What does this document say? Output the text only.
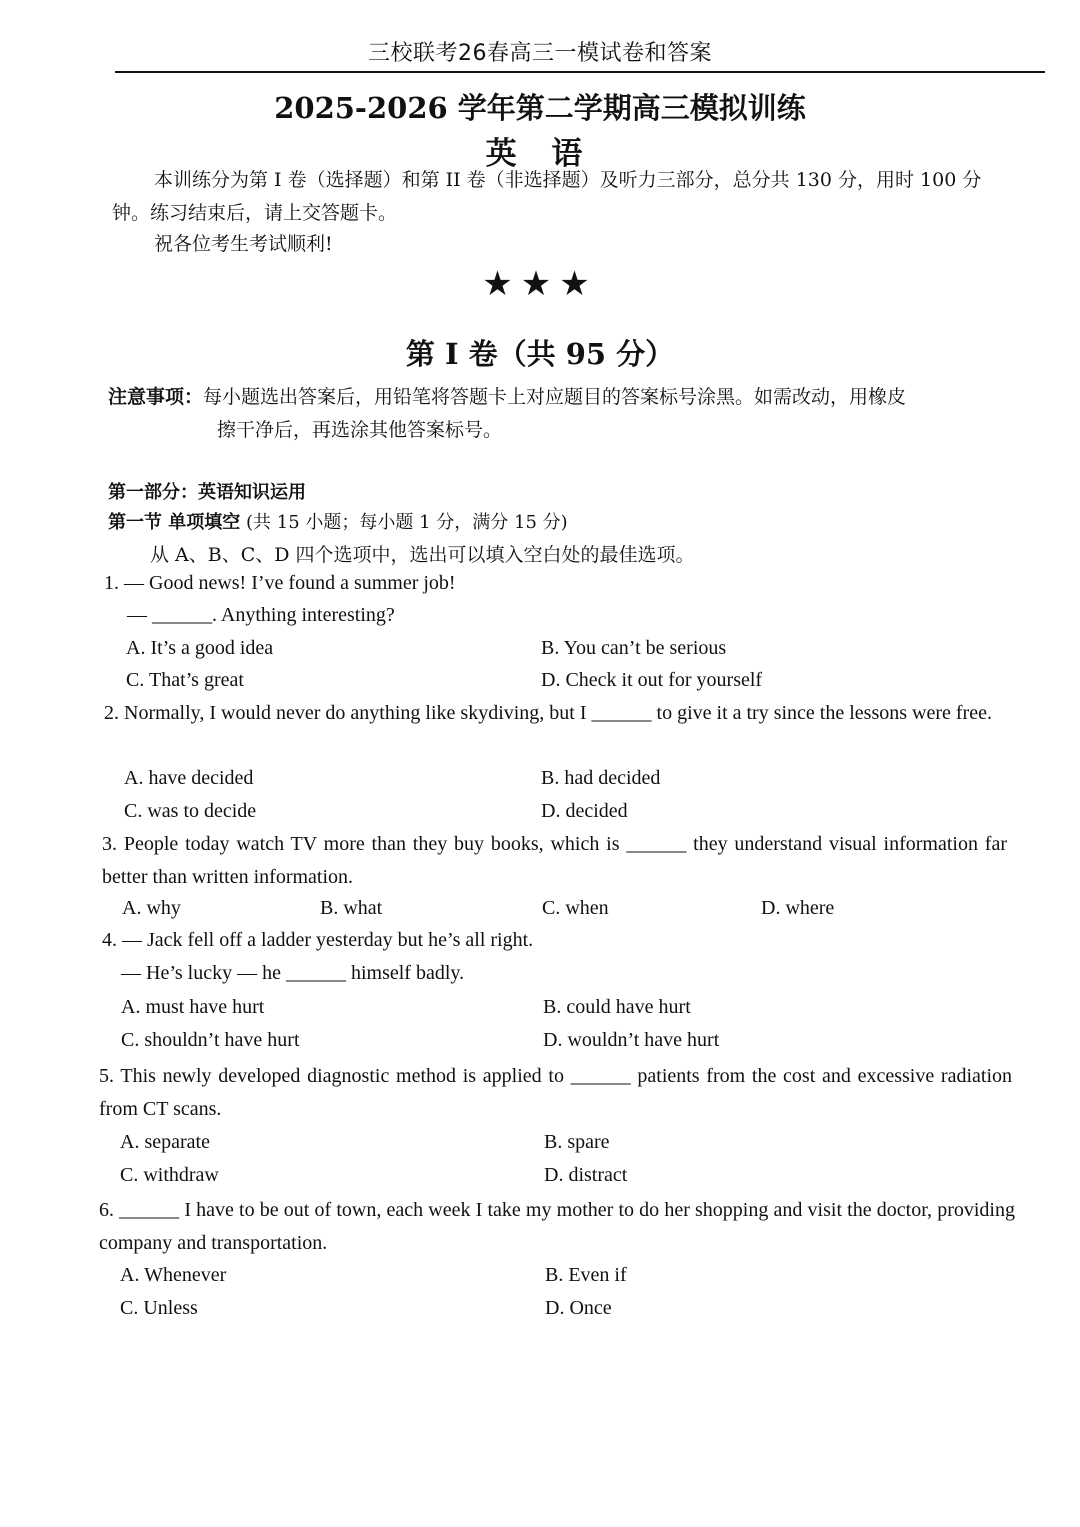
三校联考26春高三一模试卷和答案
2025-2026 学年第二学期高三模拟训练
英 语
本训练分为第 I 卷（选择题）和第 II 卷（非选择题）及听力三部分，总分共 130 分，用时 100 分钟。练习结束后，请上交答题卡。
祝各位考生考试顺利!
★★★
第 I 卷（共 95 分）
注意事项：每小题选出答案后，用铅笔将答题卡上对应题目的答案标号涂黑。如需改动，用橡皮
擦干净后，再选涂其他答案标号。
第一部分：英语知识运用
第一节 单项填空 (共 15 小题；每小题 1 分，满分 15 分)
从 A、B、C、D 四个选项中，选出可以填入空白处的最佳选项。
1. — Good news! I’ve found a summer job!
— ______. Anything interesting?
A. It’s a good idea	B. You can’t be serious
C. That’s great	D. Check it out for yourself
2. Normally, I would never do anything like skydiving, but I ______ to give it a try since the lessons were free.
A. have decided	B. had decided
C. was to decide	D. decided
3. People today watch TV more than they buy books, which is ______ they understand visual information far better than written information.
A. why	B. what	C. when	D. where
4. — Jack fell off a ladder yesterday but he’s all right.
— He’s lucky — he ______ himself badly.
A. must have hurt	B. could have hurt
C. shouldn’t have hurt	D. wouldn’t have hurt
5. This newly developed diagnostic method is applied to ______ patients from the cost and excessive radiation from CT scans.
A. separate	B. spare
C. withdraw	D. distract
6. ______ I have to be out of town, each week I take my mother to do her shopping and visit the doctor, providing company and transportation.
A. Whenever	B. Even if
C. Unless	D. Once
